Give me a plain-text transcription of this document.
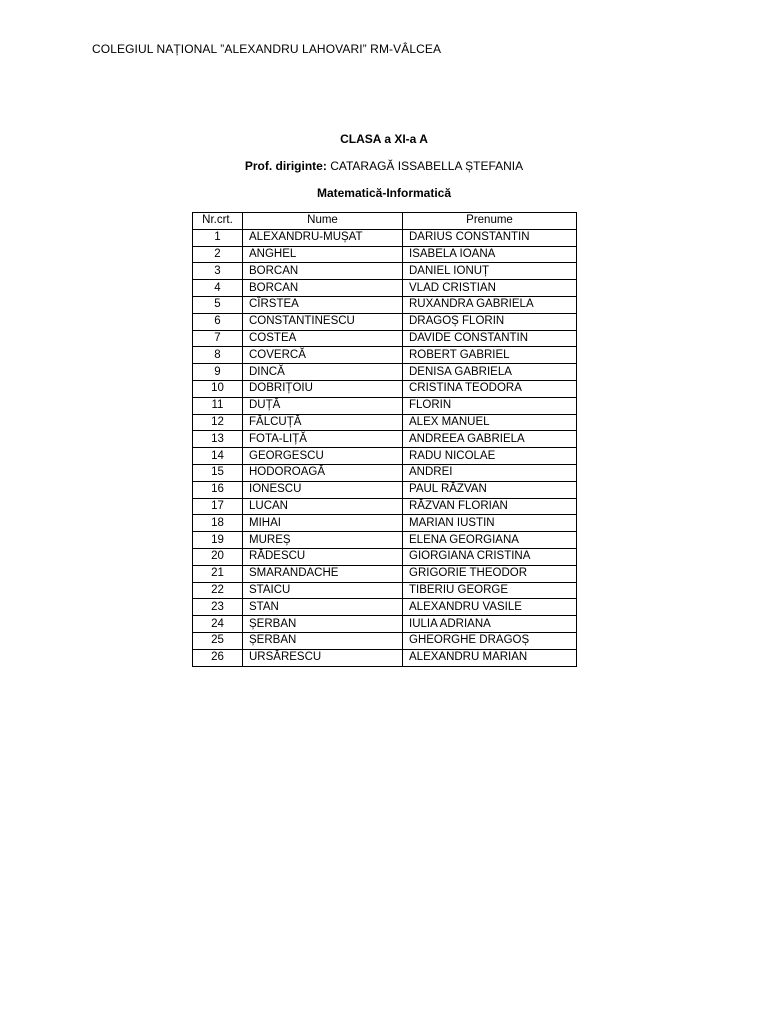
COLEGIUL NAȚIONAL ”ALEXANDRU LAHOVARI” RM-VÂLCEA
CLASA a XI-a A
Prof. diriginte: CATARAGĂ ISSABELLA ȘTEFANIA
Matematică-Informatică
Nr.crt.	Nume	Prenume
1	ALEXANDRU-MUȘAT	DARIUS CONSTANTIN
2	ANGHEL	ISABELA IOANA
3	BORCAN	DANIEL IONUȚ
4	BORCAN	VLAD CRISTIAN
5	CÎRSTEA	RUXANDRA GABRIELA
6	CONSTANTINESCU	DRAGOȘ FLORIN
7	COSTEA	DAVIDE CONSTANTIN
8	COVERCĂ	ROBERT GABRIEL
9	DINCĂ	DENISA GABRIELA
10	DOBRIȚOIU	CRISTINA TEODORA
11	DUȚĂ	FLORIN
12	FĂLCUȚĂ	ALEX MANUEL
13	FOTA-LIȚĂ	ANDREEA GABRIELA
14	GEORGESCU	RADU NICOLAE
15	HODOROAGĂ	ANDREI
16	IONESCU	PAUL RĂZVAN
17	LUCAN	RĂZVAN FLORIAN
18	MIHAI	MARIAN IUSTIN
19	MUREȘ	ELENA GEORGIANA
20	RĂDESCU	GIORGIANA CRISTINA
21	SMARANDACHE	GRIGORIE THEODOR
22	STAICU	TIBERIU GEORGE
23	STAN	ALEXANDRU VASILE
24	ȘERBAN	IULIA ADRIANA
25	ȘERBAN	GHEORGHE DRAGOȘ
26	URSĂRESCU	ALEXANDRU MARIAN
